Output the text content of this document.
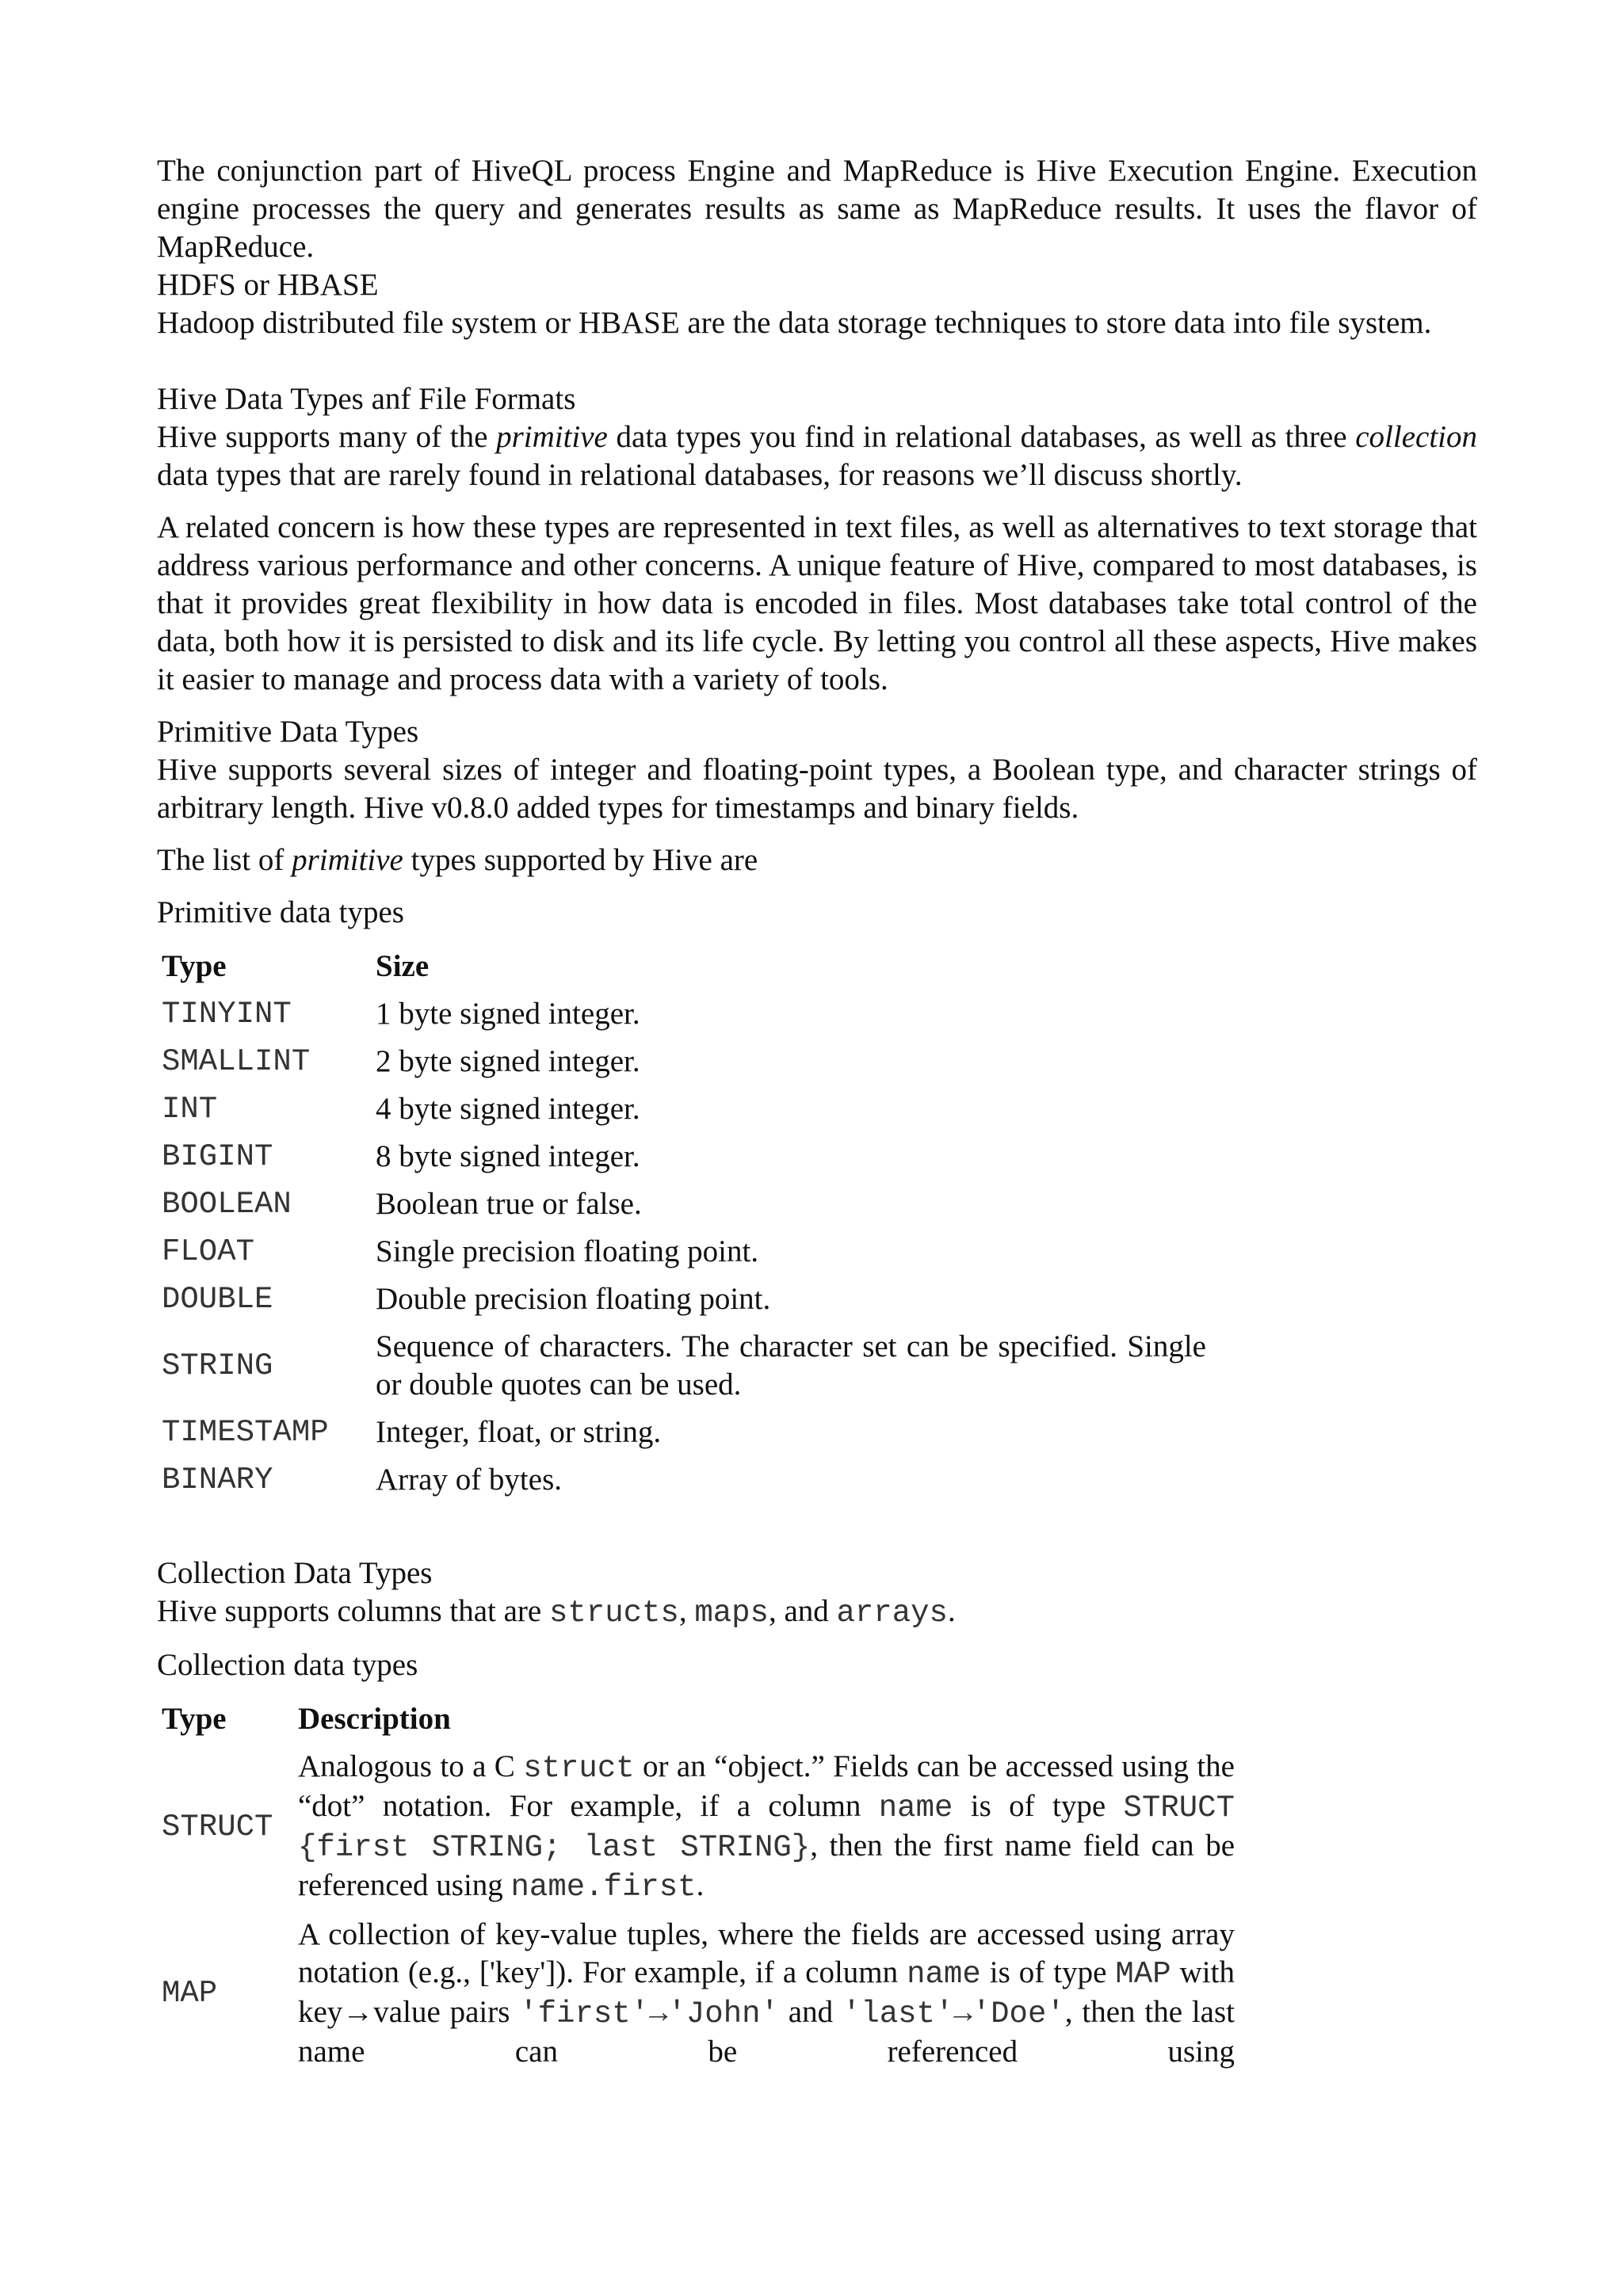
The conjunction part of HiveQL process Engine and MapReduce is Hive Execution Engine. Execution engine processes the query and generates results as same as MapReduce results. It uses the flavor of MapReduce.

HDFS or HBASE

Hadoop distributed file system or HBASE are the data storage techniques to store data into file system.

Hive Data Types anf File Formats

Hive supports many of the primitive data types you find in relational databases, as well as three collection data types that are rarely found in relational databases, for reasons we’ll discuss shortly.

A related concern is how these types are represented in text files, as well as alternatives to text storage that address various performance and other concerns. A unique feature of Hive, compared to most databases, is that it provides great flexibility in how data is encoded in files. Most databases take total control of the data, both how it is persisted to disk and its life cycle. By letting you control all these aspects, Hive makes it easier to manage and process data with a variety of tools.

Primitive Data Types

Hive supports several sizes of integer and floating-point types, a Boolean type, and character strings of arbitrary length. Hive v0.8.0 added types for timestamps and binary fields.

The list of primitive types supported by Hive are

Primitive data types

Type	Size
TINYINT	1 byte signed integer.
SMALLINT	2 byte signed integer.
INT	4 byte signed integer.
BIGINT	8 byte signed integer.
BOOLEAN	Boolean true or false.
FLOAT	Single precision floating point.
DOUBLE	Double precision floating point.
STRING	Sequence of characters. The character set can be specified. Single or double quotes can be used.
TIMESTAMP	Integer, float, or string.
BINARY	Array of bytes.

Collection Data Types

Hive supports columns that are structs, maps, and arrays.

Collection data types

Type	Description
STRUCT	Analogous to a C struct or an “object.” Fields can be accessed using the “dot” notation. For example, if a column name is of type STRUCT {first STRING; last STRING}, then the first name field can be referenced using name.first.
MAP	A collection of key-value tuples, where the fields are accessed using array notation (e.g., ['key']). For example, if a column name is of type MAP with key→value pairs 'first'→'John' and 'last'→'Doe', then the last name can be referenced using
